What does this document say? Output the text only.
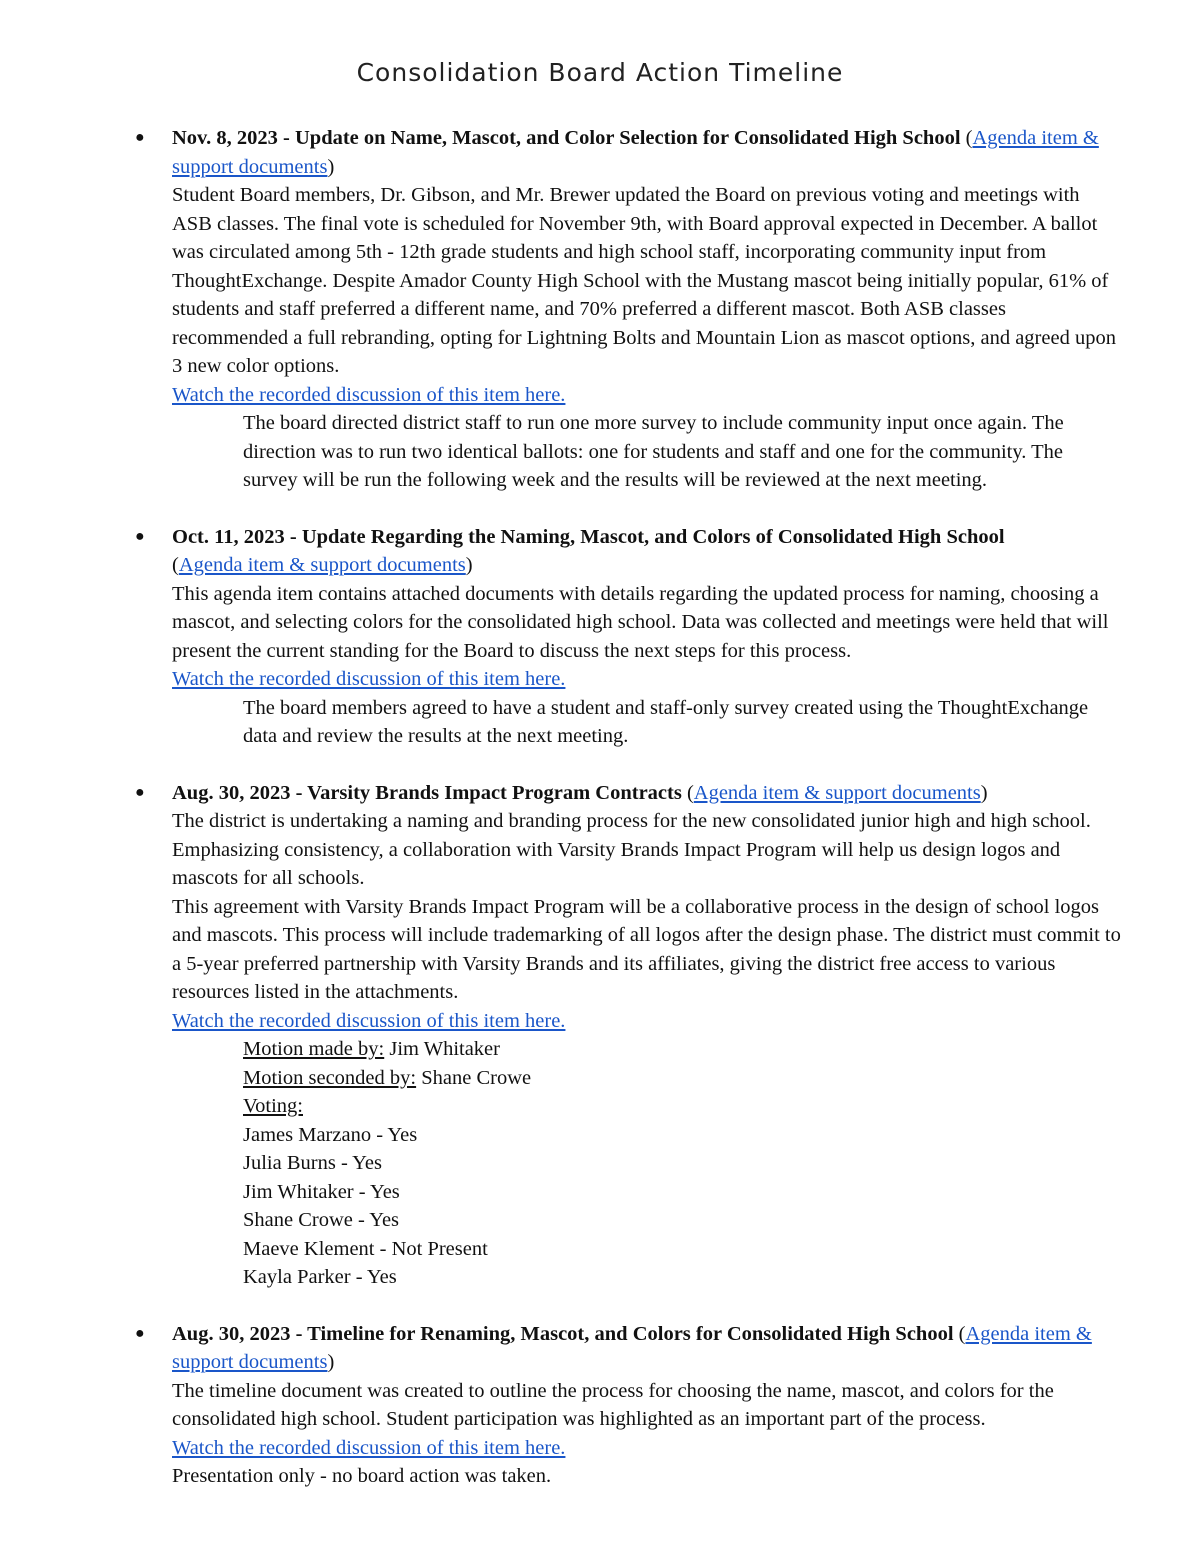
Consolidation Board Action Timeline
● Nov. 8, 2023 - Update on Name, Mascot, and Color Selection for Consolidated High School (Agenda item & support documents)

Student Board members, Dr. Gibson, and Mr. Brewer updated the Board on previous voting and meetings with ASB classes. The final vote is scheduled for November 9th, with Board approval expected in December. A ballot was circulated among 5th - 12th grade students and high school staff, incorporating community input from ThoughtExchange. Despite Amador County High School with the Mustang mascot being initially popular, 61% of students and staff preferred a different name, and 70% preferred a different mascot. Both ASB classes recommended a full rebranding, opting for Lightning Bolts and Mountain Lion as mascot options, and agreed upon 3 new color options.

Watch the recorded discussion of this item here.

The board directed district staff to run one more survey to include community input once again. The direction was to run two identical ballots: one for students and staff and one for the community. The survey will be run the following week and the results will be reviewed at the next meeting.

● Oct. 11, 2023 - Update Regarding the Naming, Mascot, and Colors of Consolidated High School
(Agenda item & support documents)

This agenda item contains attached documents with details regarding the updated process for naming, choosing a mascot, and selecting colors for the consolidated high school. Data was collected and meetings were held that will present the current standing for the Board to discuss the next steps for this process.

Watch the recorded discussion of this item here.

The board members agreed to have a student and staff-only survey created using the ThoughtExchange data and review the results at the next meeting.

● Aug. 30, 2023 - Varsity Brands Impact Program Contracts (Agenda item & support documents)

The district is undertaking a naming and branding process for the new consolidated junior high and high school. Emphasizing consistency, a collaboration with Varsity Brands Impact Program will help us design logos and mascots for all schools.

This agreement with Varsity Brands Impact Program will be a collaborative process in the design of school logos and mascots. This process will include trademarking of all logos after the design phase. The district must commit to a 5-year preferred partnership with Varsity Brands and its affiliates, giving the district free access to various resources listed in the attachments.

Watch the recorded discussion of this item here.

Motion made by: Jim Whitaker

Motion seconded by: Shane Crowe

Voting:

James Marzano - Yes

Julia Burns - Yes

Jim Whitaker - Yes

Shane Crowe - Yes

Maeve Klement - Not Present

Kayla Parker - Yes

● Aug. 30, 2023 - Timeline for Renaming, Mascot, and Colors for Consolidated High School (Agenda item & support documents)

The timeline document was created to outline the process for choosing the name, mascot, and colors for the consolidated high school. Student participation was highlighted as an important part of the process.

Watch the recorded discussion of this item here.

Presentation only - no board action was taken.
